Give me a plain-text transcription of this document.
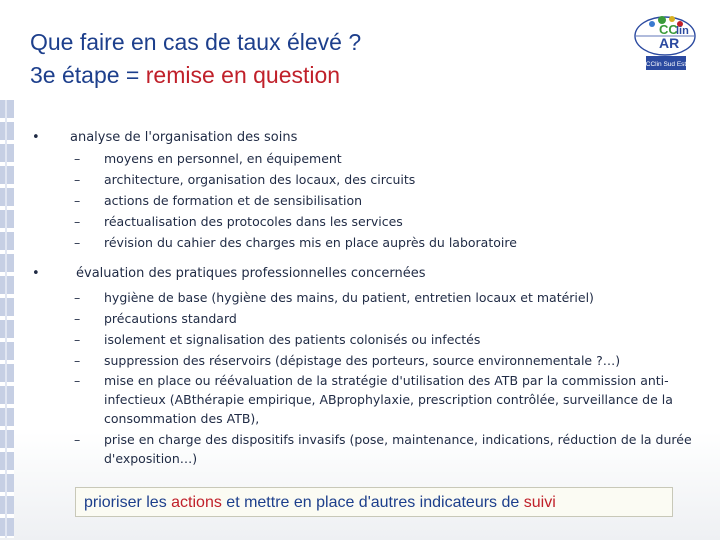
Que faire en cas de taux élevé ?
3e étape = remise en question
CC
lin
AR
CClin Sud Est
• analyse de l'organisation des soins
– moyens en personnel, en équipement
– architecture, organisation des locaux, des circuits
– actions de formation et de sensibilisation
– réactualisation des protocoles dans les services
– révision du cahier des charges mis en place auprès du laboratoire
•	évaluation des pratiques professionnelles concernées
– hygiène de base (hygiène des mains, du patient, entretien locaux et matériel)
– précautions standard
– isolement et signalisation des patients colonisés ou infectés
– suppression des réservoirs (dépistage des porteurs, source environnementale ?…)
– mise en place ou réévaluation de la stratégie d'utilisation des ATB par la commission anti-infectieux (ABthérapie empirique, ABprophylaxie, prescription contrôlée, surveillance de la consommation des ATB),
– prise en charge des dispositifs invasifs (pose, maintenance, indications, réduction de la durée d'exposition…)
prioriser les actions et mettre en place d'autres indicateurs de suivi
